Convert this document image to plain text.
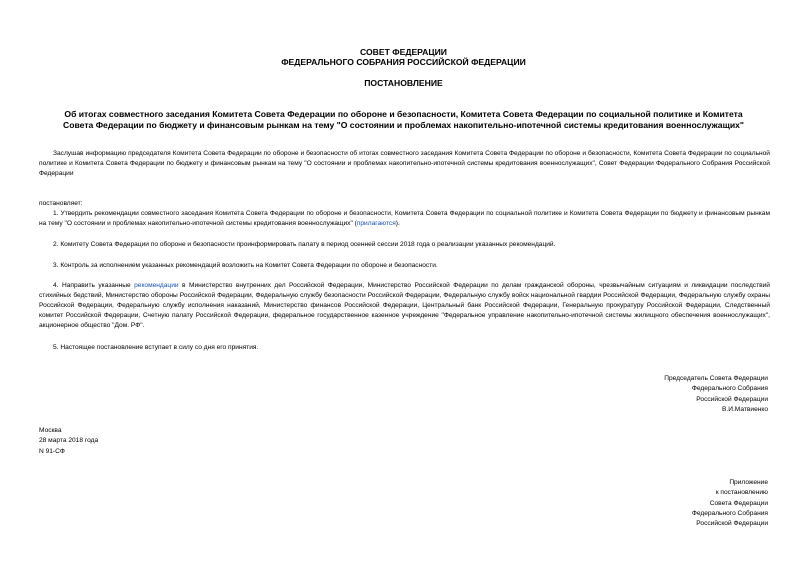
СОВЕТ ФЕДЕРАЦИИ
ФЕДЕРАЛЬНОГО СОБРАНИЯ РОССИЙСКОЙ ФЕДЕРАЦИИ
ПОСТАНОВЛЕНИЕ
Об итогах совместного заседания Комитета Совета Федерации по обороне и безопасности, Комитета Совета Федерации по социальной политике и Комитета Совета Федерации по бюджету и финансовым рынкам на тему "О состоянии и проблемах накопительно-ипотечной системы кредитования военнослужащих"
Заслушав информацию председателя Комитета Совета Федерации по обороне и безопасности об итогах совместного заседания Комитета Совета Федерации по обороне и безопасности, Комитета Совета Федерации по социальной политике и Комитета Совета Федерации по бюджету и финансовым рынкам на тему "О состоянии и проблемах накопительно-ипотечной системы кредитования военнослужащих", Совет Федерации Федерального Собрания Российской Федерации
постановляет:
1. Утвердить рекомендации совместного заседания Комитета Совета Федерации по обороне и безопасности, Комитета Совета Федерации по социальной политике и Комитета Совета Федерации по бюджету и финансовым рынкам на тему "О состоянии и проблемах накопительно-ипотечной системы кредитования военнослужащих" (прилагаются).
2. Комитету Совета Федерации по обороне и безопасности проинформировать палату в период осенней сессии 2018 года о реализации указанных рекомендаций.
3. Контроль за исполнением указанных рекомендаций возложить на Комитет Совета Федерации по обороне и безопасности.
4. Направить указанные рекомендации в Министерство внутренних дел Российской Федерации, Министерство Российской Федерации по делам гражданской обороны, чрезвычайным ситуациям и ликвидации последствий стихийных бедствий, Министерство обороны Российской Федерации, Федеральную службу безопасности Российской Федерации, Федеральную службу войск национальной гвардии Российской Федерации, Федеральную службу охраны Российской Федерации, Федеральную службу исполнения наказаний, Министерство финансов Российской Федерации, Центральный банк Российской Федерации, Генеральную прокуратуру Российской Федерации, Следственный комитет Российской Федерации, Счетную палату Российской Федерации, федеральное государственное казенное учреждение "Федеральное управление накопительно-ипотечной системы жилищного обеспечения военнослужащих", акционерное общество "Дом. РФ".
5. Настоящее постановление вступает в силу со дня его принятия.
Председатель Совета Федерации
Федерального Собрания
Российской Федерации
В.И.Матвиенко
Москва
28 марта 2018 года
N 91-СФ
Приложение
к постановлению
Совета Федерации
Федерального Собрания
Российской Федерации
